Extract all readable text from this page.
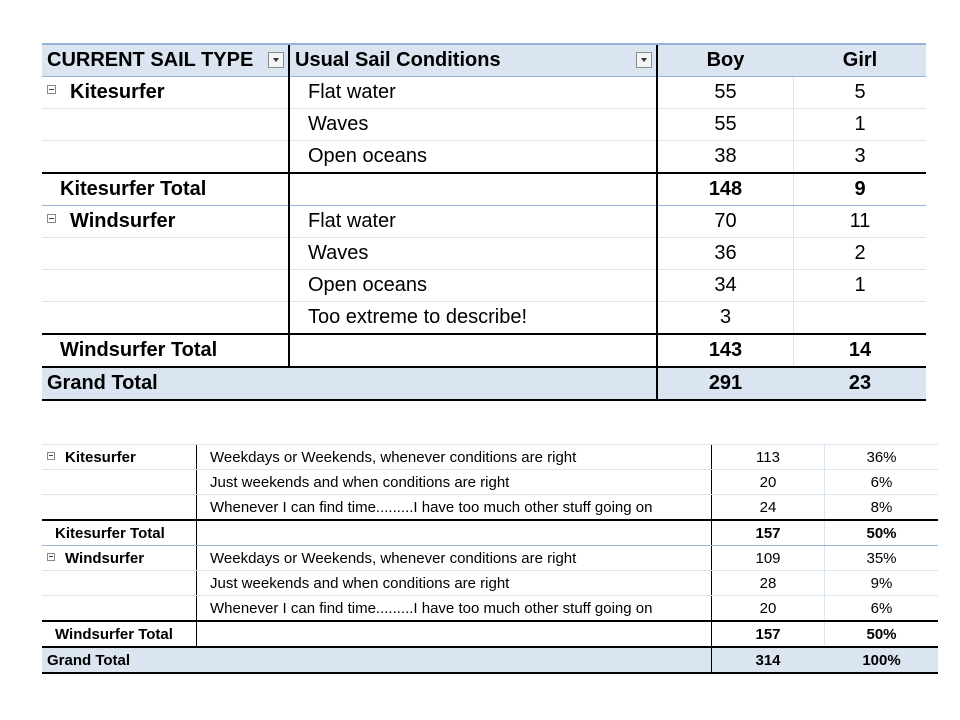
CURRENT SAIL TYPE	Usual Sail Conditions	Boy	Girl
Kitesurfer	Flat water	55	5
	Waves	55	1
	Open oceans	38	3
Kitesurfer Total		148	9
Windsurfer	Flat water	70	11
	Waves	36	2
	Open oceans	34	1
	Too extreme to describe!	3	
Windsurfer Total		143	14
Grand Total		291	23
Kitesurfer	Weekdays or Weekends, whenever conditions are right	113	36%
	Just weekends and when conditions are right	20	6%
	Whenever I can find time.........I have too much other stuff going on	24	8%
Kitesurfer Total		157	50%
Windsurfer	Weekdays or Weekends, whenever conditions are right	109	35%
	Just weekends and when conditions are right	28	9%
	Whenever I can find time.........I have too much other stuff going on	20	6%
Windsurfer Total		157	50%
Grand Total		314	100%
